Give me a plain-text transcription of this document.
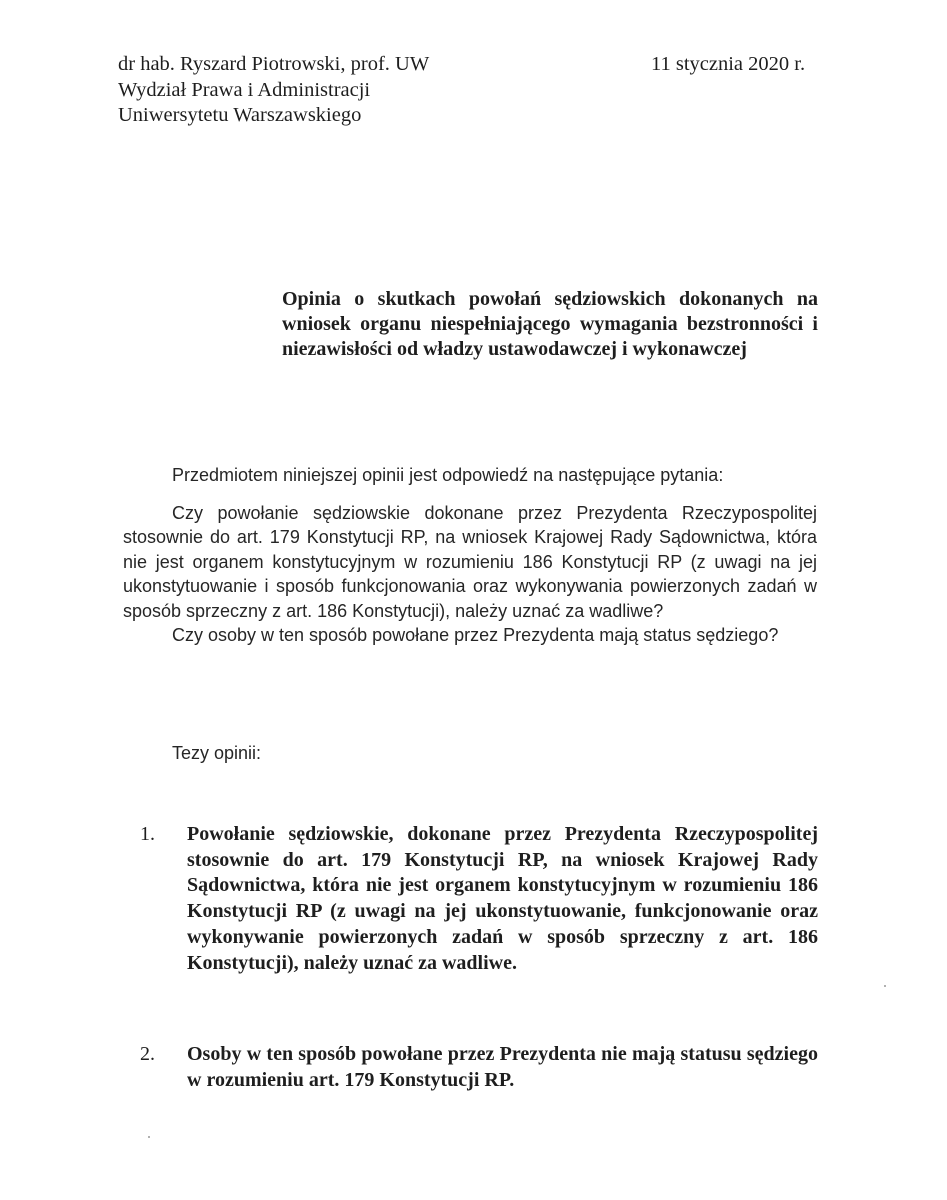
dr hab. Ryszard Piotrowski, prof. UW
Wydział Prawa i Administracji
Uniwersytetu Warszawskiego
11 stycznia 2020 r.
Opinia o skutkach powołań sędziowskich dokonanych na wniosek organu niespełniającego wymagania bezstronności i niezawisłości od władzy ustawodawczej i wykonawczej
Przedmiotem niniejszej opinii jest odpowiedź na następujące pytania:

Czy powołanie sędziowskie dokonane przez Prezydenta Rzeczypospolitej stosownie do art. 179 Konstytucji RP, na wniosek Krajowej Rady Sądownictwa, która nie jest organem konstytucyjnym w rozumieniu 186 Konstytucji RP (z uwagi na jej ukonstytuowanie i sposób funkcjonowania oraz wykonywania powierzonych zadań w sposób sprzeczny z art. 186 Konstytucji), należy uznać za wadliwe?

Czy osoby w ten sposób powołane przez Prezydenta mają status sędziego?

Tezy opinii:
1. Powołanie sędziowskie, dokonane przez Prezydenta Rzeczypospolitej stosownie do art. 179 Konstytucji RP, na wniosek Krajowej Rady Sądownictwa, która nie jest organem konstytucyjnym w rozumieniu 186 Konstytucji RP (z uwagi na jej ukonstytuowanie, funkcjonowanie oraz wykonywanie powierzonych zadań w sposób sprzeczny z art. 186 Konstytucji), należy uznać za wadliwe.
2. Osoby w ten sposób powołane przez Prezydenta nie mają statusu sędziego w rozumieniu art. 179 Konstytucji RP.
